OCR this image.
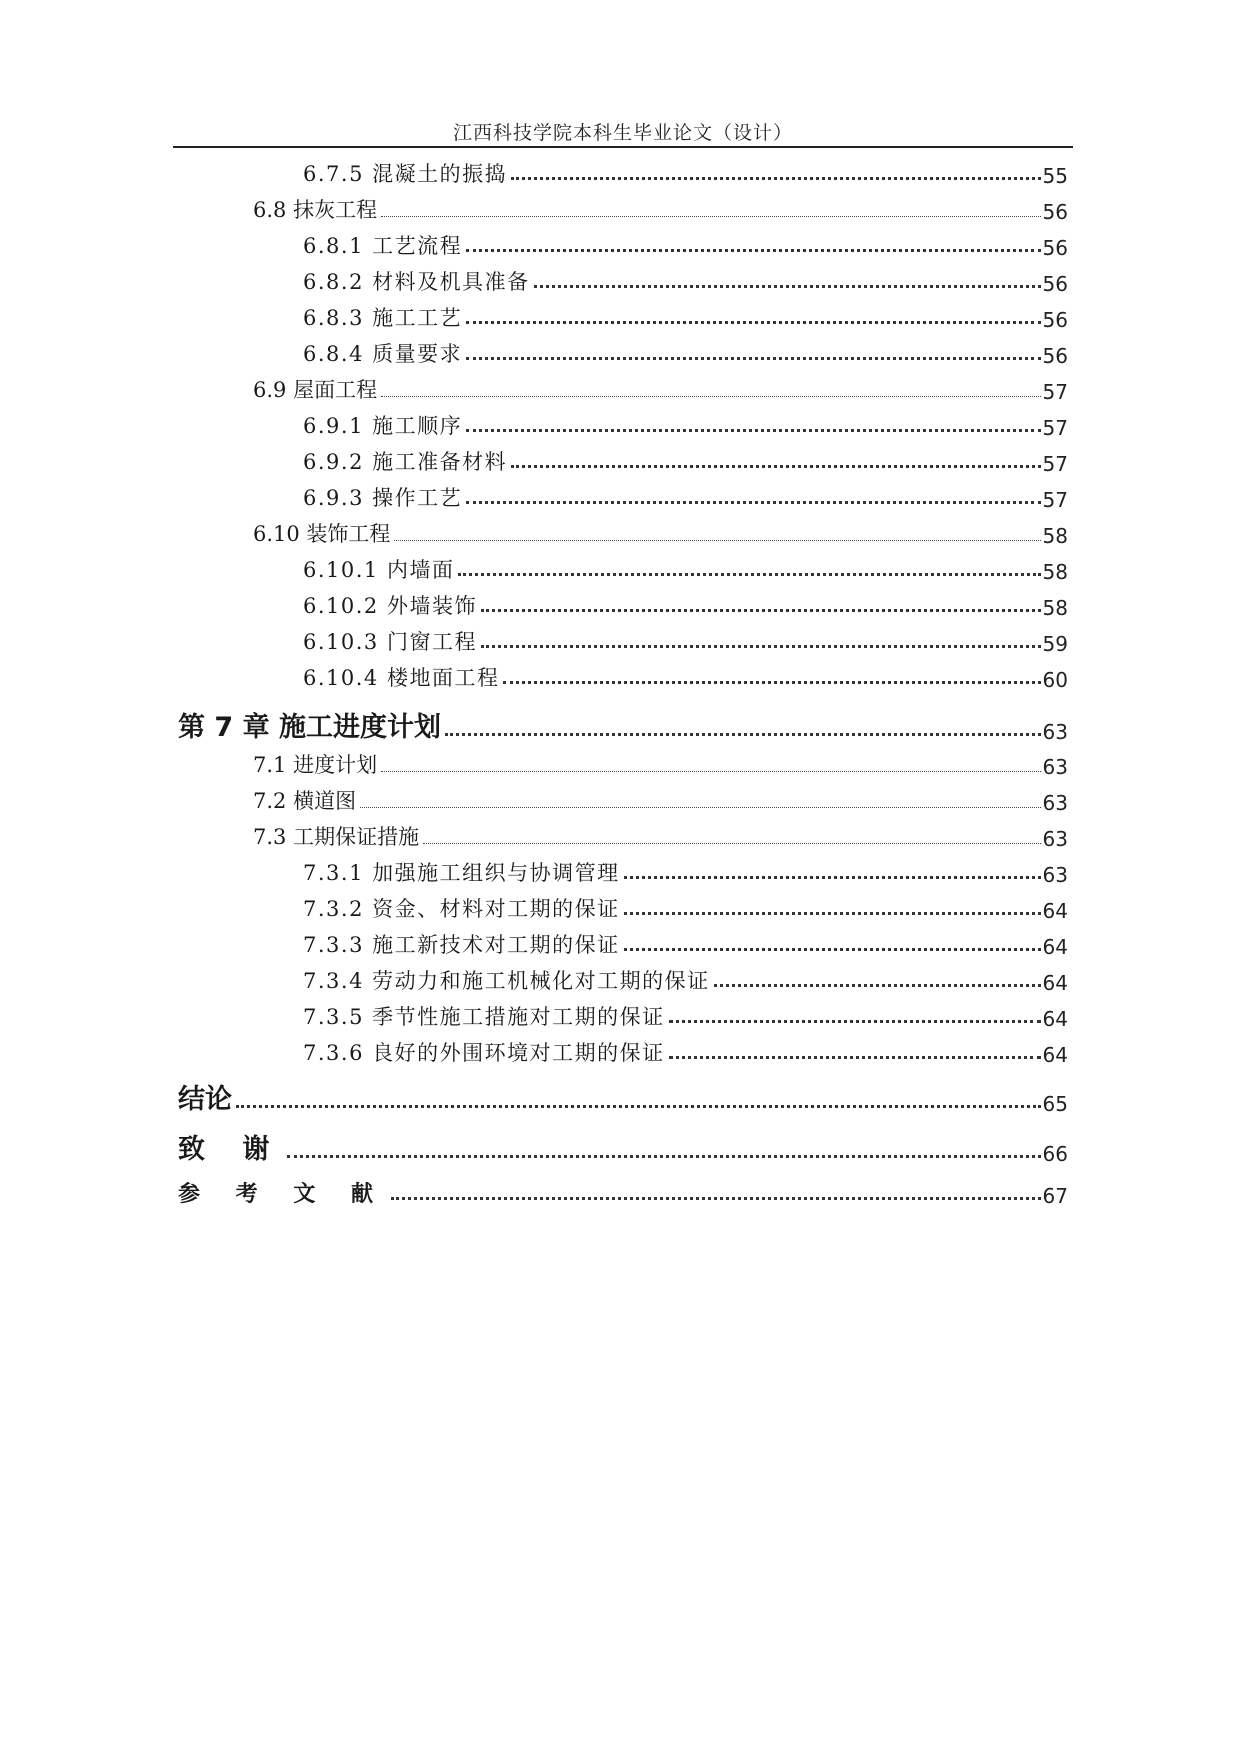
江西科技学院本科生毕业论文（设计）
6.7.5 混凝土的振捣	55
6.8 抹灰工程	56
6.8.1 工艺流程	56
6.8.2 材料及机具准备	56
6.8.3 施工工艺	56
6.8.4 质量要求	56
6.9 屋面工程	57
6.9.1 施工顺序	57
6.9.2 施工准备材料	57
6.9.3 操作工艺	57
6.10 装饰工程	58
6.10.1 内墙面	58
6.10.2 外墙装饰	58
6.10.3 门窗工程	59
6.10.4 楼地面工程	60
第 7 章 施工进度计划	63
7.1 进度计划	63
7.2 横道图	63
7.3 工期保证措施	63
7.3.1 加强施工组织与协调管理	63
7.3.2 资金、材料对工期的保证	64
7.3.3 施工新技术对工期的保证	64
7.3.4 劳动力和施工机械化对工期的保证	64
7.3.5 季节性施工措施对工期的保证	64
7.3.6 良好的外围环境对工期的保证	64
结论	65
致 谢	66
参 考 文 献	67
